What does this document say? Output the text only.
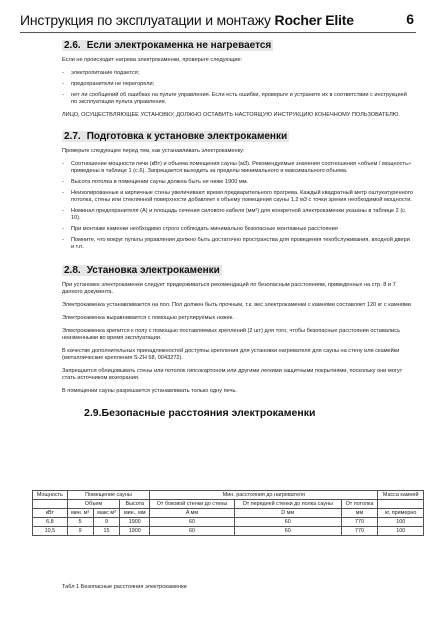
Инструкция по эксплуатации и монтажу Rocher Elite	6
2.6. Если электрокаменка не нагревается

Если не происходит нагрева электрокаменки, проверьте следующие:

- электропитание подается;
- предохранители не перегорели;
- нет ли сообщений об ошибках на пульте управления. Если есть ошибки, проверьте и устраните их в соответствии с инструкцией по эксплуатации пульта управления.

ЛИЦО, ОСУЩЕСТВЛЯЮЩЕЕ УСТАНОВКУ, ДОЛЖНО ОСТАВИТЬ НАСТОЯЩУЮ ИНСТРУКЦИЮ КОНЕЧНОМУ ПОЛЬЗОВАТЕЛЮ.

2.7. Подготовка к установке электрокаменки

Проверьте следующее перед тем, как устанавливать электрокаменку:

- Соотношение мощности печи (кВт) и объема помещения сауны (м3). Рекомендуемые значения соотношения «объем / мощность» приведены в таблице 1 (с.6). Запрещается выходить за пределы минимального и максимального объема.
- Высота потолка в помещении сауны должна быть не ниже 1900 мм.
- Неизолированные и кирпичные стены увеличивают время предварительного прогрева. Каждый квадратный метр оштукатуренного потолка, стены или стеклянной поверхности добавляет к объему помещения сауны 1,2 м3 с точки зрения необходимой мощности.
- Номинал предохранителя (А) и площадь сечения силового кабеля (мм²) для конкретной электрокаменки указаны в таблице 2 (с. 10).
- При монтаже каменки необходимо строго соблюдать минимально безопасные монтажные расстояния
- Помните, что вокруг пульты управления должно быть достаточно пространства для проведения техобслуживания, входной двери и т.п.
2.8. Установка электрокаменки

При установке электрокаменки следует придерживаться рекомендаций по безопасным расстояниям, приведенных на стр. 8 и 7 данного документа.

Электрокаменка устанавливается на пол. Пол должен быть прочным, т.к. вес электрокаменки с камнями составляет 120 кг с камнями

Электрокаменка выравнивается с помощью регулируемых ножек.

Электрокаменка крепится к полу с помощью поставляемых креплений (2 шт) для того, чтобы безопасные расстояния оставались неизменными во время эксплуатации.

В качестве дополнительных принадлежностей доступны крепления для установки нагревателя для сауны на стену или скамейки (металлические крепления S-ZH 58, 0043272).

Запрещается облицовывать стены или потолок гипсокартоном или другими легкими защитными покрытиями, поскольку они могут стать источником возгорания.

В помещении сауны разрешается устанавливать только одну печь.

2.9.Безопасные расстояния электрокаменки
Мощность	Помещение сауны			Мин. расстояния до нагревателя			Масса камней
	Объем		Высота	От боковой стенки до стены	От передней стенки до полка сауны	От потолка	
кВт	мин. м³	макс м³	мин., мм	A мм	D мм	мм	кг, примерно
6,8	5	9	1900	60	60	770	100
10,5	9	15	1900	60	60	770	100
Табл 1 Безопасные расстояния электрокаменки
